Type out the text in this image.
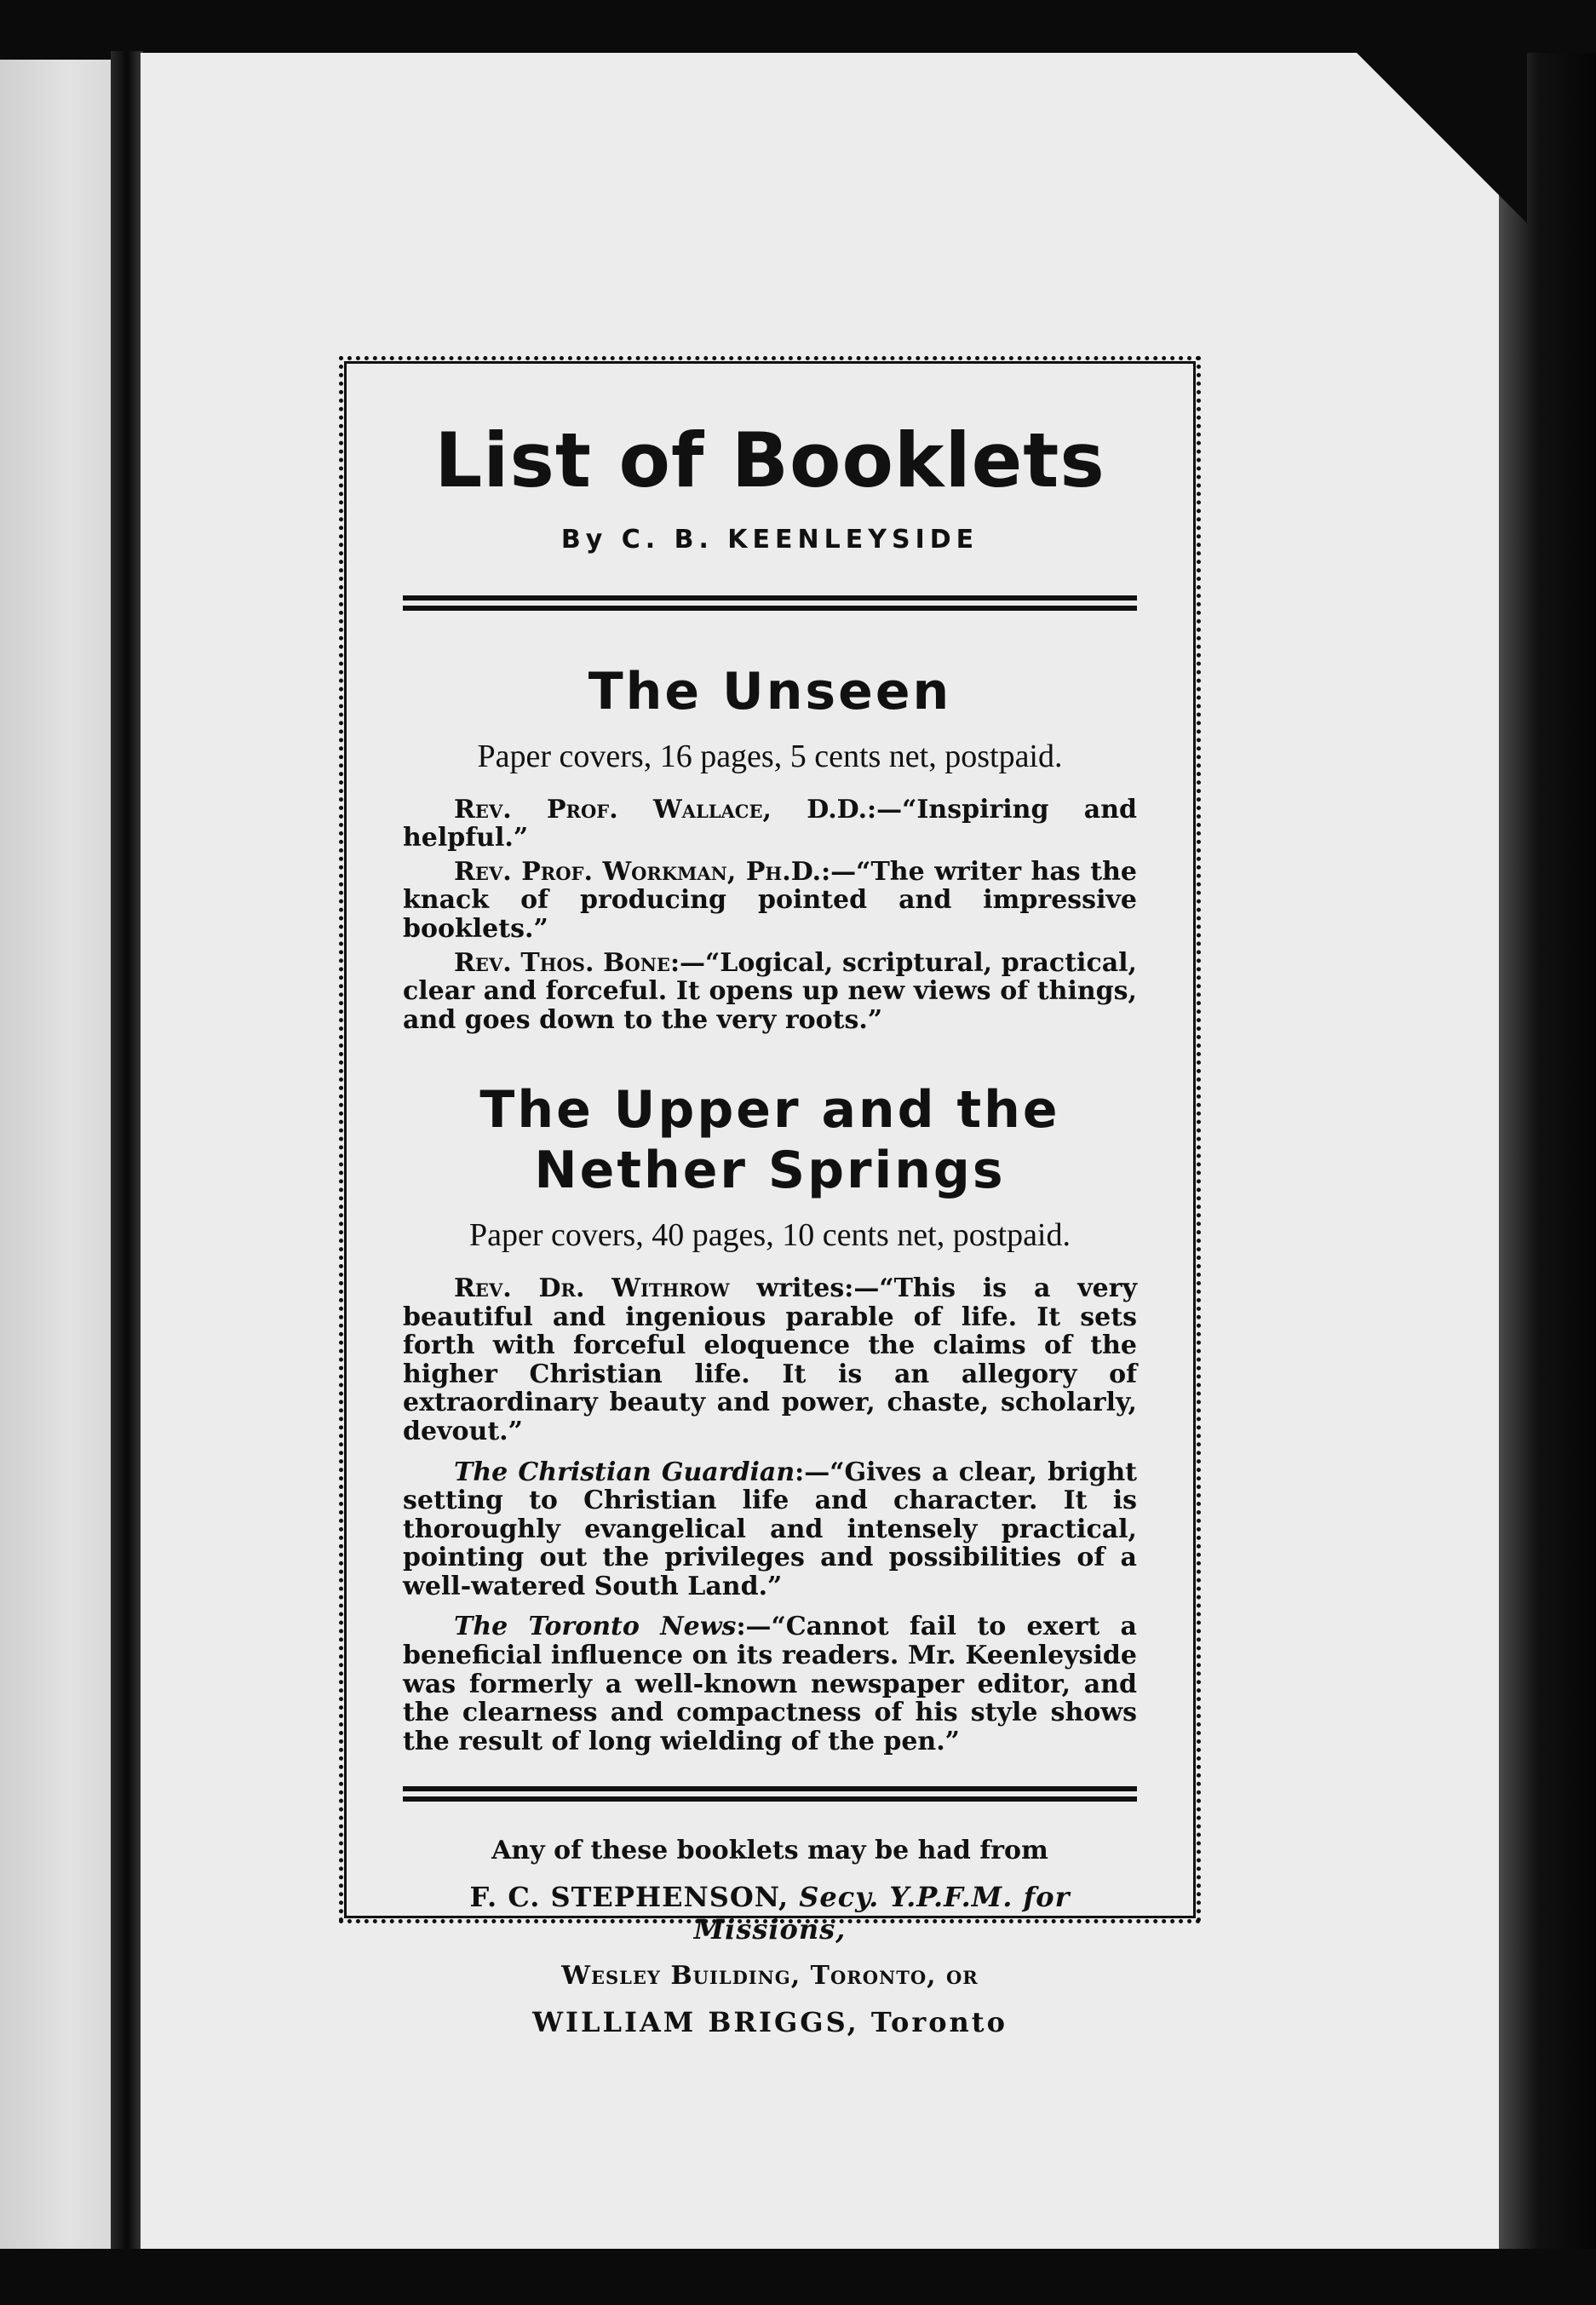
List of Booklets

By C. B. KEENLEYSIDE

The Unseen

Paper covers, 16 pages, 5 cents net, postpaid.

Rev. Prof. Wallace, D.D.:—“Inspiring and helpful.”

Rev. Prof. Workman, Ph.D.:—“The writer has the knack of producing pointed and impressive booklets.”

Rev. Thos. Bone:—“Logical, scriptural, practical, clear and forceful. It opens up new views of things, and goes down to the very roots.”

The Upper and the Nether Springs

Paper covers, 40 pages, 10 cents net, postpaid.

Rev. Dr. Withrow writes:—“This is a very beautiful and ingenious parable of life. It sets forth with forceful eloquence the claims of the higher Christian life. It is an allegory of extraordinary beauty and power, chaste, scholarly, devout.”

The Christian Guardian:—“Gives a clear, bright setting to Christian life and character. It is thoroughly evangelical and intensely practical, pointing out the privileges and possibilities of a well-watered South Land.”

The Toronto News:—“Cannot fail to exert a beneficial influence on its readers. Mr. Keenleyside was formerly a well-known newspaper editor, and the clearness and compactness of his style shows the result of long wielding of the pen.”

Any of these booklets may be had from

F. C. STEPHENSON, Secy. Y.P.F.M. for Missions,

Wesley Building, Toronto, or

WILLIAM BRIGGS, Toronto
